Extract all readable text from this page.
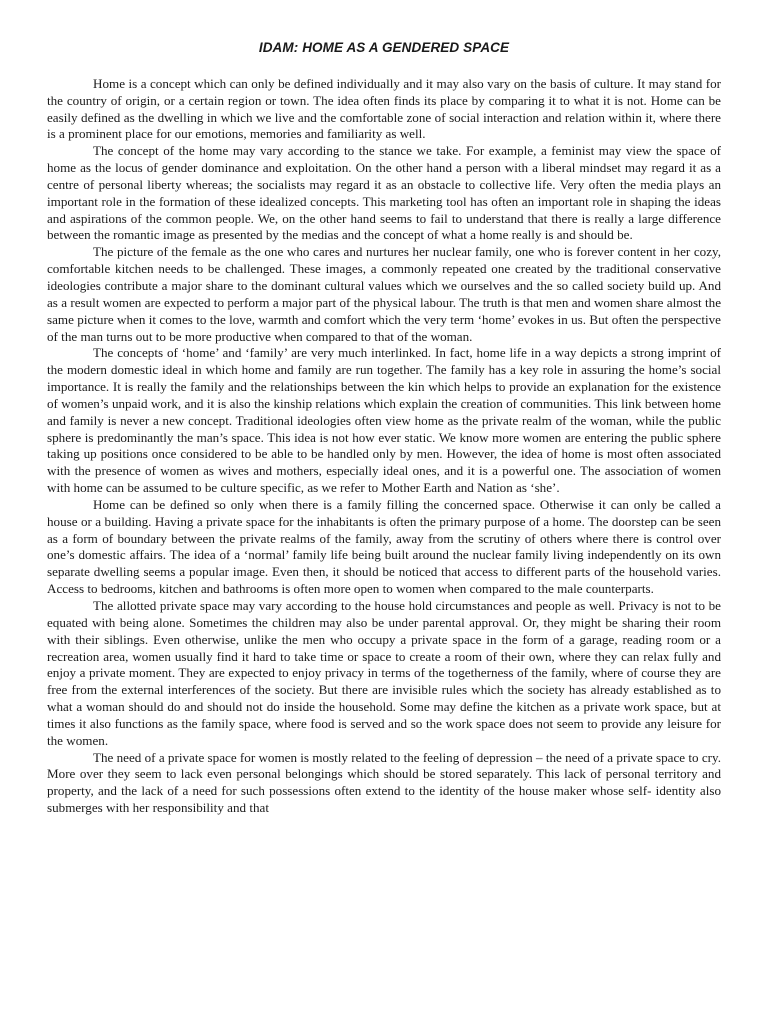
IDAM: HOME AS A GENDERED SPACE

Home is a concept which can only be defined individually and it may also vary on the basis of culture. It may stand for the country of origin, or a certain region or town. The idea often finds its place by comparing it to what it is not. Home can be easily defined as the dwelling in which we live and the comfortable zone of social interaction and relation within it, where there is a prominent place for our emotions, memories and familiarity as well.

The concept of the home may vary according to the stance we take. For example, a feminist may view the space of home as the locus of gender dominance and exploitation. On the other hand a person with a liberal mindset may regard it as a centre of personal liberty whereas; the socialists may regard it as an obstacle to collective life. Very often the media plays an important role in the formation of these idealized concepts. This marketing tool has often an important role in shaping the ideas and aspirations of the common people. We, on the other hand seems to fail to understand that there is really a large difference between the romantic image as presented by the medias and the concept of what a home really is and should be.

The picture of the female as the one who cares and nurtures her nuclear family, one who is forever content in her cozy, comfortable kitchen needs to be challenged. These images, a commonly repeated one created by the traditional conservative ideologies contribute a major share to the dominant cultural values which we ourselves and the so called society build up. And as a result women are expected to perform a major part of the physical labour. The truth is that men and women share almost the same picture when it comes to the love, warmth and comfort which the very term ‘home’ evokes in us. But often the perspective of the man turns out to be more productive when compared to that of the woman.

The concepts of ‘home’ and ‘family’ are very much interlinked. In fact, home life in a way depicts a strong imprint of the modern domestic ideal in which home and family are run together. The family has a key role in assuring the home’s social importance. It is really the family and the relationships between the kin which helps to provide an explanation for the existence of women’s unpaid work, and it is also the kinship relations which explain the creation of communities. This link between home and family is never a new concept. Traditional ideologies often view home as the private realm of the woman, while the public sphere is predominantly the man’s space. This idea is not how ever static. We know more women are entering the public sphere taking up positions once considered to be able to be handled only by men. However, the idea of home is most often associated with the presence of women as wives and mothers, especially ideal ones, and it is a powerful one. The association of women with home can be assumed to be culture specific, as we refer to Mother Earth and Nation as ‘she’.

Home can be defined so only when there is a family filling the concerned space. Otherwise it can only be called a house or a building. Having a private space for the inhabitants is often the primary purpose of a home. The doorstep can be seen as a form of boundary between the private realms of the family, away from the scrutiny of others where there is control over one’s domestic affairs. The idea of a ‘normal’ family life being built around the nuclear family living independently on its own separate dwelling seems a popular image. Even then, it should be noticed that access to different parts of the household varies. Access to bedrooms, kitchen and bathrooms is often more open to women when compared to the male counterparts.

The allotted private space may vary according to the house hold circumstances and people as well. Privacy is not to be equated with being alone. Sometimes the children may also be under parental approval. Or, they might be sharing their room with their siblings. Even otherwise, unlike the men who occupy a private space in the form of a garage, reading room or a recreation area, women usually find it hard to take time or space to create a room of their own, where they can relax fully and enjoy a private moment. They are expected to enjoy privacy in terms of the togetherness of the family, where of course they are free from the external interferences of the society. But there are invisible rules which the society has already established as to what a woman should do and should not do inside the household. Some may define the kitchen as a private work space, but at times it also functions as the family space, where food is served and so the work space does not seem to provide any leisure for the women.

The need of a private space for women is mostly related to the feeling of depression – the need of a private space to cry. More over they seem to lack even personal belongings which should be stored separately. This lack of personal territory and property, and the lack of a need for such possessions often extend to the identity of the house maker whose self- identity also submerges with her responsibility and that
